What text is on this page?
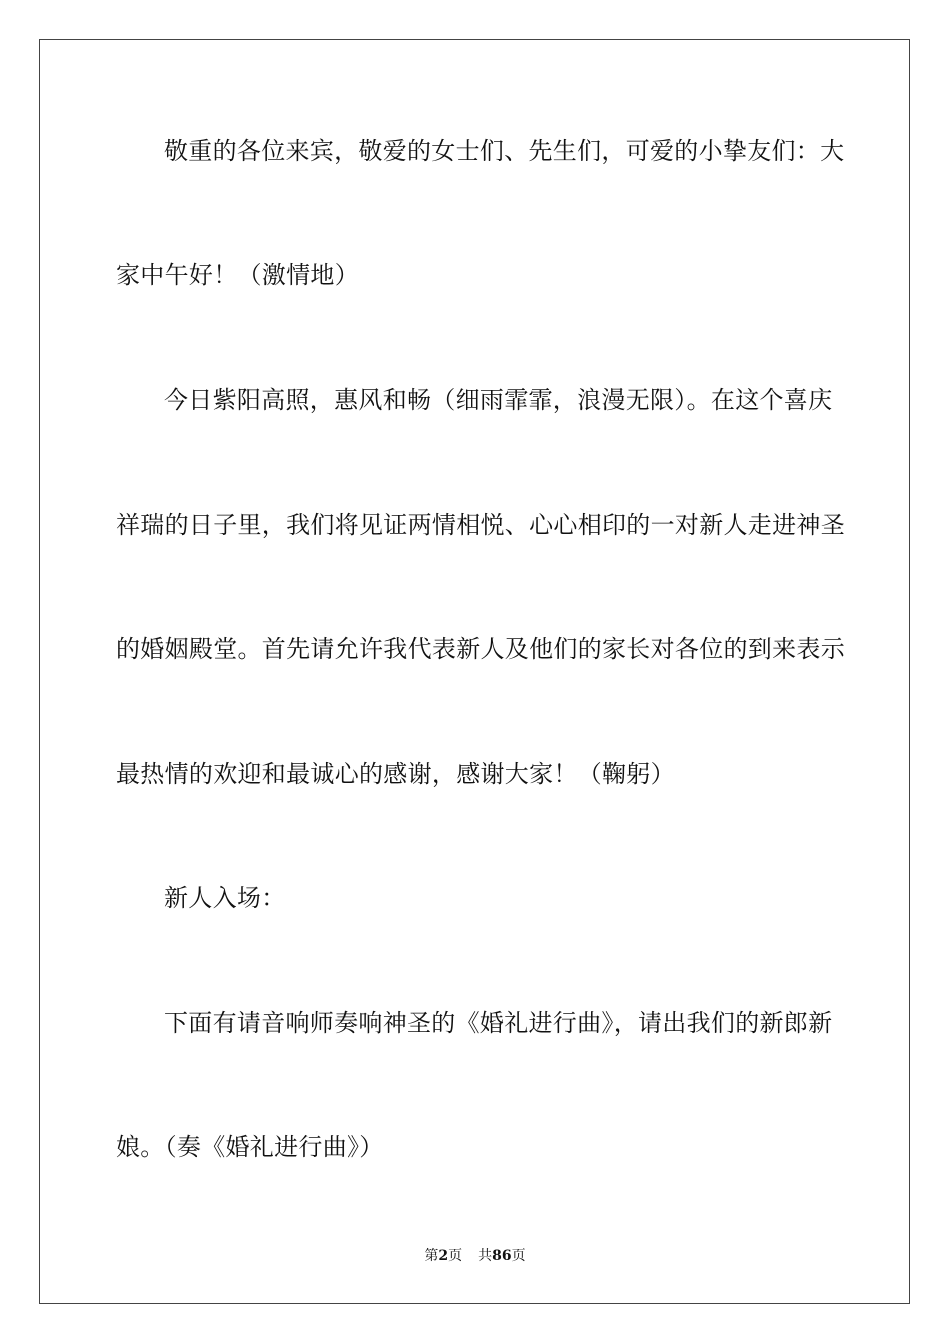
敬重的各位来宾，敬爱的女士们、先生们，可爱的小挚友们：大
家中午好！（激情地）
今日紫阳高照，惠风和畅（细雨霏霏，浪漫无限）。在这个喜庆
祥瑞的日子里，我们将见证两情相悦、心心相印的一对新人走进神圣
的婚姻殿堂。首先请允许我代表新人及他们的家长对各位的到来表示
最热情的欢迎和最诚心的感谢，感谢大家！（鞠躬）
新人入场：
下面有请音响师奏响神圣的《婚礼进行曲》，请出我们的新郎新
娘。（奏《婚礼进行曲》）
第2页 共86页
